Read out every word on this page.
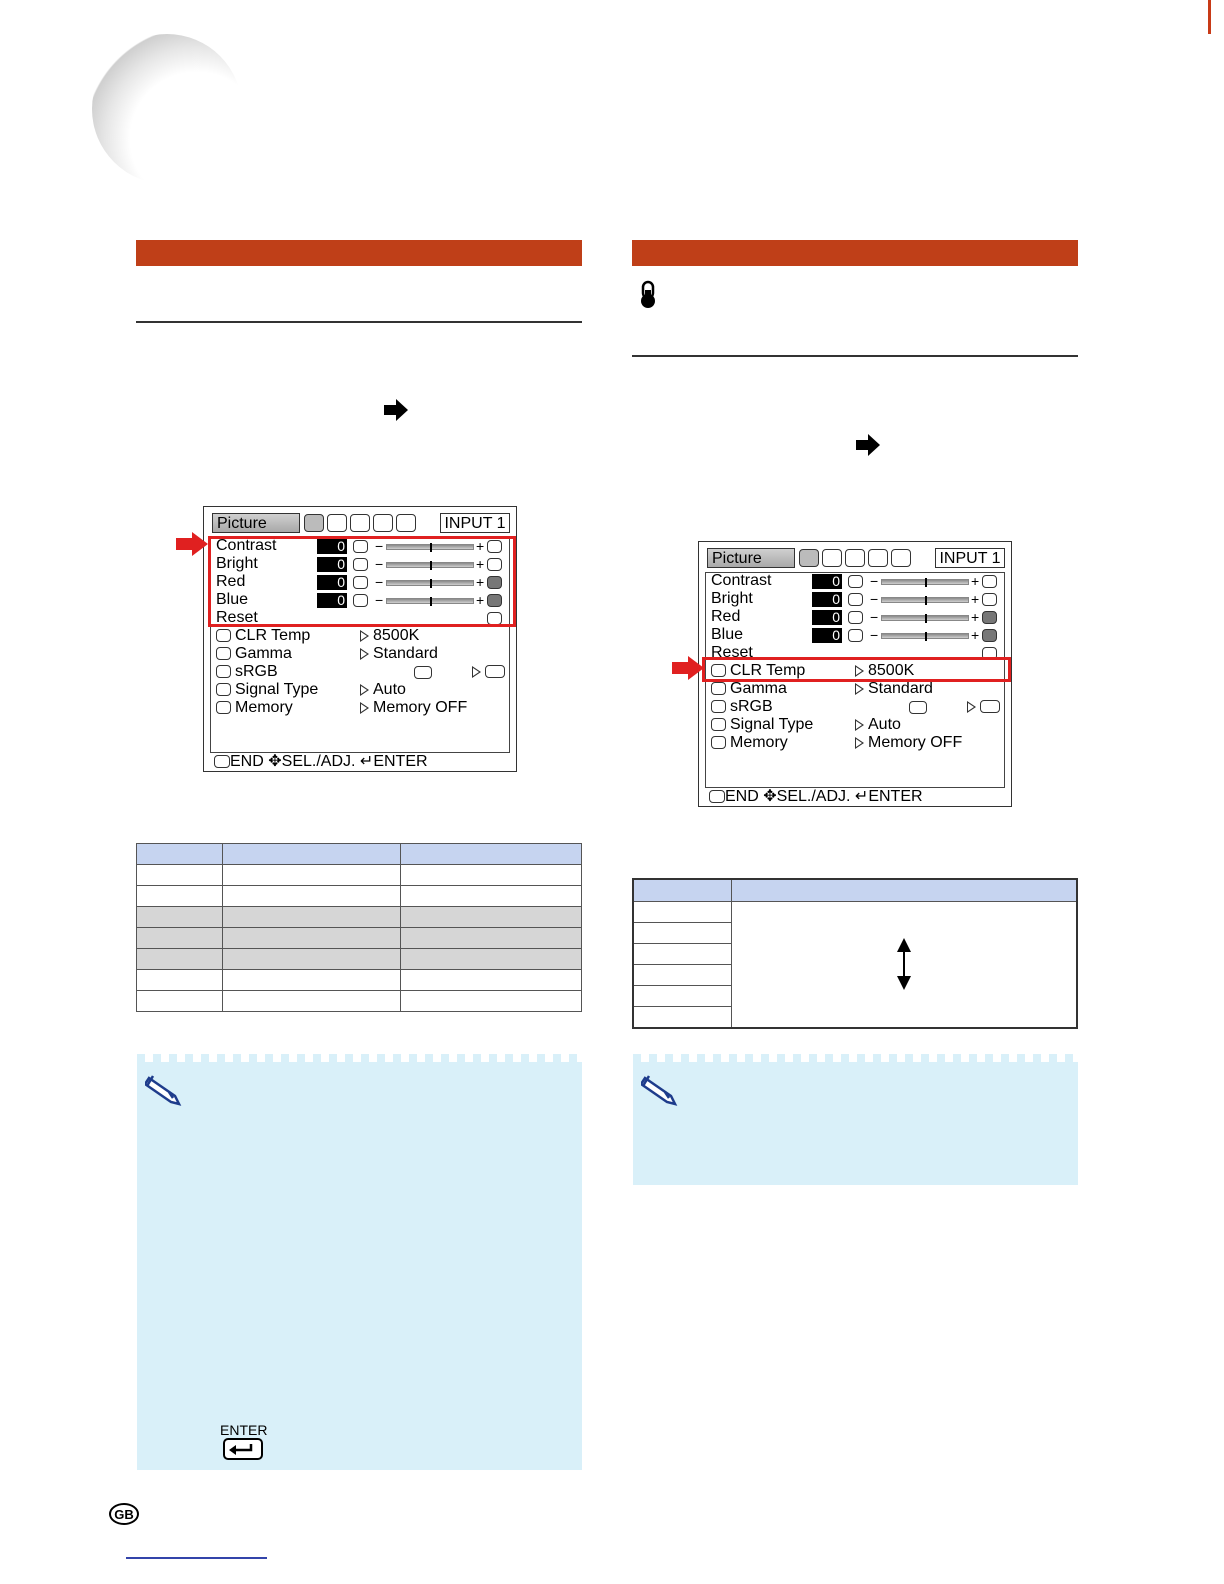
Picture	INPUT 1
Contrast	0 −	+
Bright	0 −	+
Red	0 −	+
Blue	0 −	+
Reset
CLR Temp	8500K
Gamma	Standard
sRGB
Signal Type	Auto
Memory	Memory OFF
END ✥SEL./ADJ. ↵ENTER

ENTER
Picture	INPUT 1
Contrast	0 −	+
Bright	0 −	+
Red	0 −	+
Blue	0 −	+
Reset
CLR Temp	8500K
Gamma	Standard
sRGB
Signal Type	Auto
Memory	Memory OFF
END ✥SEL./ADJ. ↵ENTER
GB
